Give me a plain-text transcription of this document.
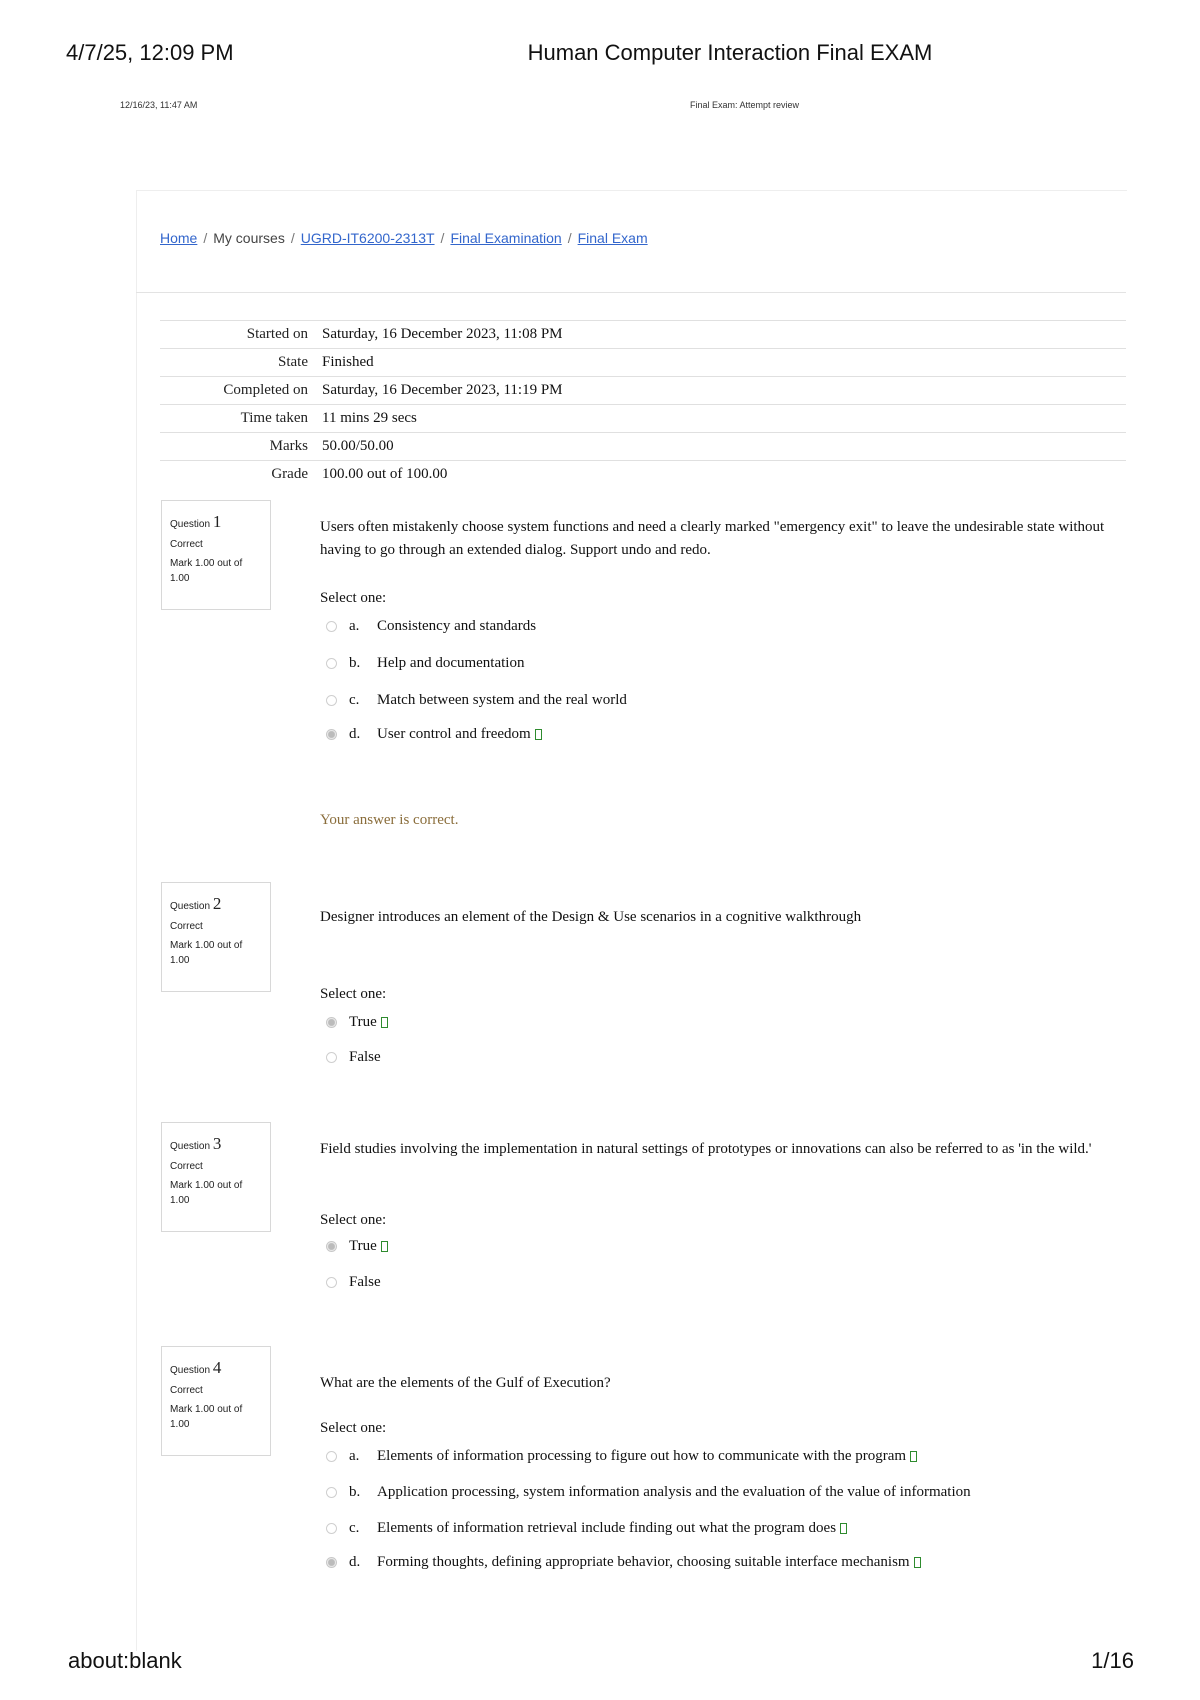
4/7/25, 12:09 PM	Human Computer Interaction Final EXAM
12/16/23, 11:47 AM	Final Exam: Attempt review
Home / My courses / UGRD-IT6200-2313T / Final Examination / Final Exam
Started on	Saturday, 16 December 2023, 11:08 PM
State	Finished
Completed on	Saturday, 16 December 2023, 11:19 PM
Time taken	11 mins 29 secs
Marks	50.00/50.00
Grade	100.00 out of 100.00
Question 1
Correct
Mark 1.00 out of
1.00
Users often mistakenly choose system functions and need a clearly marked "emergency exit" to leave the undesirable state without having to go through an extended dialog. Support undo and redo.
Select one:
a.	Consistency and standards
b.	Help and documentation
c.	Match between system and the real world
d.	User control and freedom
Your answer is correct.
Question 2
Correct
Mark 1.00 out of
1.00
Designer introduces an element of the Design & Use scenarios in a cognitive walkthrough
Select one:
True
False
Question 3
Correct
Mark 1.00 out of
1.00
Field studies involving the implementation in natural settings of prototypes or innovations can also be referred to as 'in the wild.'
Select one:
True
False
Question 4
Correct
Mark 1.00 out of
1.00
What are the elements of the Gulf of Execution?
Select one:
a.	Elements of information processing to figure out how to communicate with the program
b.	Application processing, system information analysis and the evaluation of the value of information
c.	Elements of information retrieval include finding out what the program does
d.	Forming thoughts, defining appropriate behavior, choosing suitable interface mechanism
about:blank	1/16
